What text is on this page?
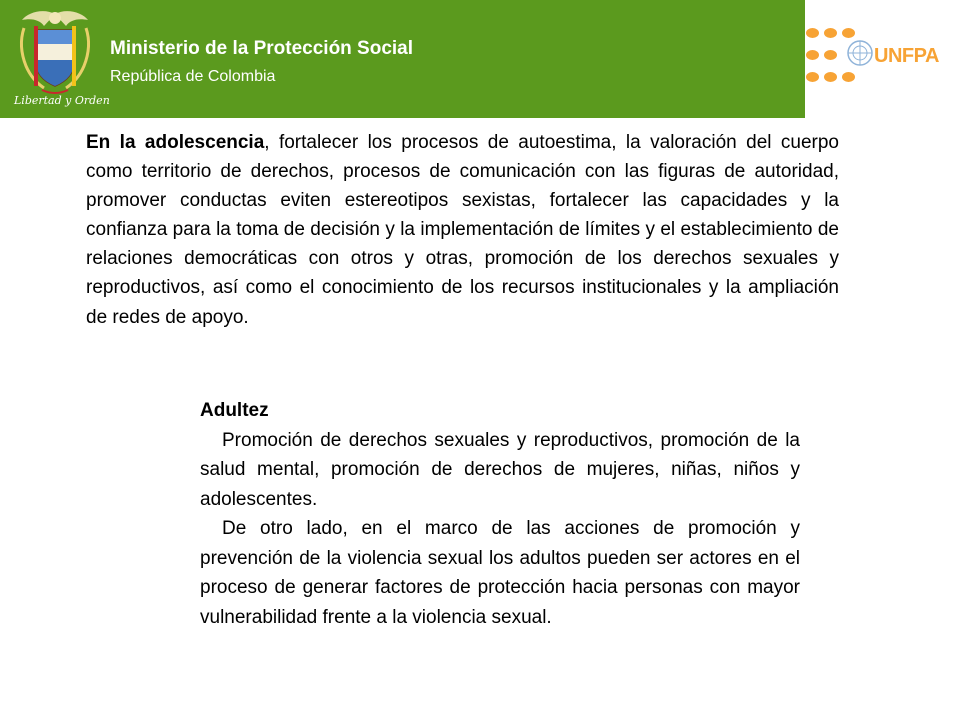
Libertad y Orden
Ministerio de la Protección Social
República de Colombia
UNFPA
En la adolescencia, fortalecer los procesos de autoestima, la valoración del cuerpo como territorio de derechos, procesos de comunicación con las figuras de autoridad, promover conductas eviten estereotipos sexistas, fortalecer las capacidades y la confianza para la toma de decisión y la implementación de límites y el establecimiento de relaciones democráticas con otros y otras, promoción de los derechos sexuales y reproductivos, así como el conocimiento de los recursos institucionales y la ampliación de redes de apoyo.
Adultez
Promoción de derechos sexuales y reproductivos, promoción de la salud mental, promoción de derechos de mujeres, niñas, niños y adolescentes.
De otro lado, en el marco de las acciones de promoción y prevención de la violencia sexual los adultos pueden ser actores en el proceso de generar factores de protección hacia personas con mayor vulnerabilidad frente a la violencia sexual.
